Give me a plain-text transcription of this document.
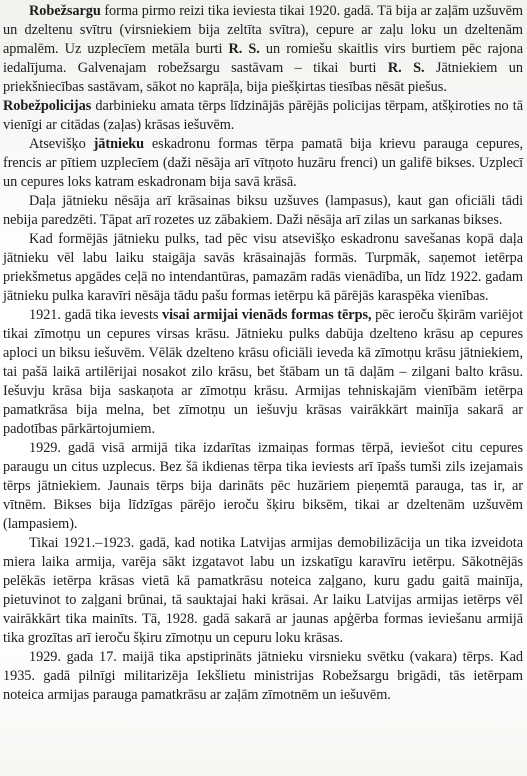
Robežsargu forma pirmo reizi tika ieviesta tikai 1920. gadā. Tā bija ar zaļām uzšuvēm un dzeltenu svītru (virsniekiem bija zeltīta svītra), cepure ar zaļu loku un dzeltenām apmalēm. Uz uzplecīem metāla burti R. S. un romiešu skaitlis virs burtiem pēc rajona iedalījuma. Galvenajam robežsargu sastāvam – tikai burti R. S. Jātniekiem un priekšniecības sastāvam, sākot no kaprāļa, bija piešķirtas tiesības nēsāt piešus.

Robežpolicijas darbinieku amata tērps līdzinājās pārējās policijas tērpam, atšķiroties no tā vienīgi ar citādas (zaļas) krāsas iešuvēm.

Atsevišķo jātnieku eskadronu formas tērpa pamatā bija krievu parauga cepures, frencis ar pītiem uzplecīem (daži nēsāja arī vītņoto huzāru frenci) un galifē bikses. Uzplecī un cepures loks katram eskadronam bija savā krāsā.

Daļa jātnieku nēsāja arī krāsainas biksu uzšuves (lampasus), kaut gan oficiāli tādi nebija paredzēti. Tāpat arī rozetes uz zābakiem. Daži nēsāja arī zilas un sarkanas bikses.

Kad formējās jātnieku pulks, tad pēc visu atsevišķo eskadronu savešanas kopā daļa jātnieku vēl labu laiku staigāja savās krāsainajās formās. Turpmāk, saņemot ietērpa priekšmetus apgādes ceļā no intendantūras, pamazām radās vienādība, un līdz 1922. gadam jātnieku pulka karavīri nēsāja tādu pašu formas ietērpu kā pārējās karaspēka vienības.

1921. gadā tika ievests visai armijai vienāds formas tērps, pēc ieroču šķirām variējot tikai zīmotņu un cepures virsas krāsu. Jātnieku pulks dabūja dzelteno krāsu ap cepures aploci un biksu iešuvēm. Vēlāk dzelteno krāsu oficiāli ieveda kā zīmotņu krāsu jātniekiem, tai pašā laikā artilērijai nosakot zilo krāsu, bet štābam un tā daļām – zilgani balto krāsu. Iešuvju krāsa bija saskaņota ar zīmotņu krāsu. Armijas tehniskajām vienībām ietērpa pamatkrāsa bija melna, bet zīmotņu un iešuvju krāsas vairākkārt mainīja sakarā ar padotības pārkārtojumiem.

1929. gadā visā armijā tika izdarītas izmaiņas formas tērpā, ieviešot citu cepures paraugu un citus uzplecus. Bez šā ikdienas tērpa tika ieviests arī īpašs tumši zils izejamais tērps jātniekiem. Jaunais tērps bija darināts pēc huzāriem pieņemtā parauga, tas ir, ar vītnēm. Bikses bija līdzīgas pārējo ieroču šķiru biksēm, tikai ar dzeltenām uzšuvēm (lampasiem).

Tikai 1921.–1923. gadā, kad notika Latvijas armijas demobilizācija un tika izveidota miera laika armija, varēja sākt izgatavot labu un izskatīgu karavīru ietērpu. Sākotnējās pelēkās ietērpa krāsas vietā kā pamatkrāsu noteica zaļgano, kuru gadu gaitā mainīja, pietuvinot to zaļgani brūnai, tā sauktajai haki krāsai. Ar laiku Latvijas armijas ietērps vēl vairākkārt tika mainīts. Tā, 1928. gadā sakarā ar jaunas apģērba formas ieviešanu armijā tika grozītas arī ieroču šķiru zīmotņu un cepuru loku krāsas.

1929. gada 17. maijā tika apstiprināts jātnieku virsnieku svētku (vakara) tērps. Kad 1935. gadā pilnīgi militarizēja Iekšlietu ministrijas Robežsargu brigādi, tās ietērpam noteica armijas parauga pamatkrāsu ar zaļām zīmotnēm un iešuvēm.
